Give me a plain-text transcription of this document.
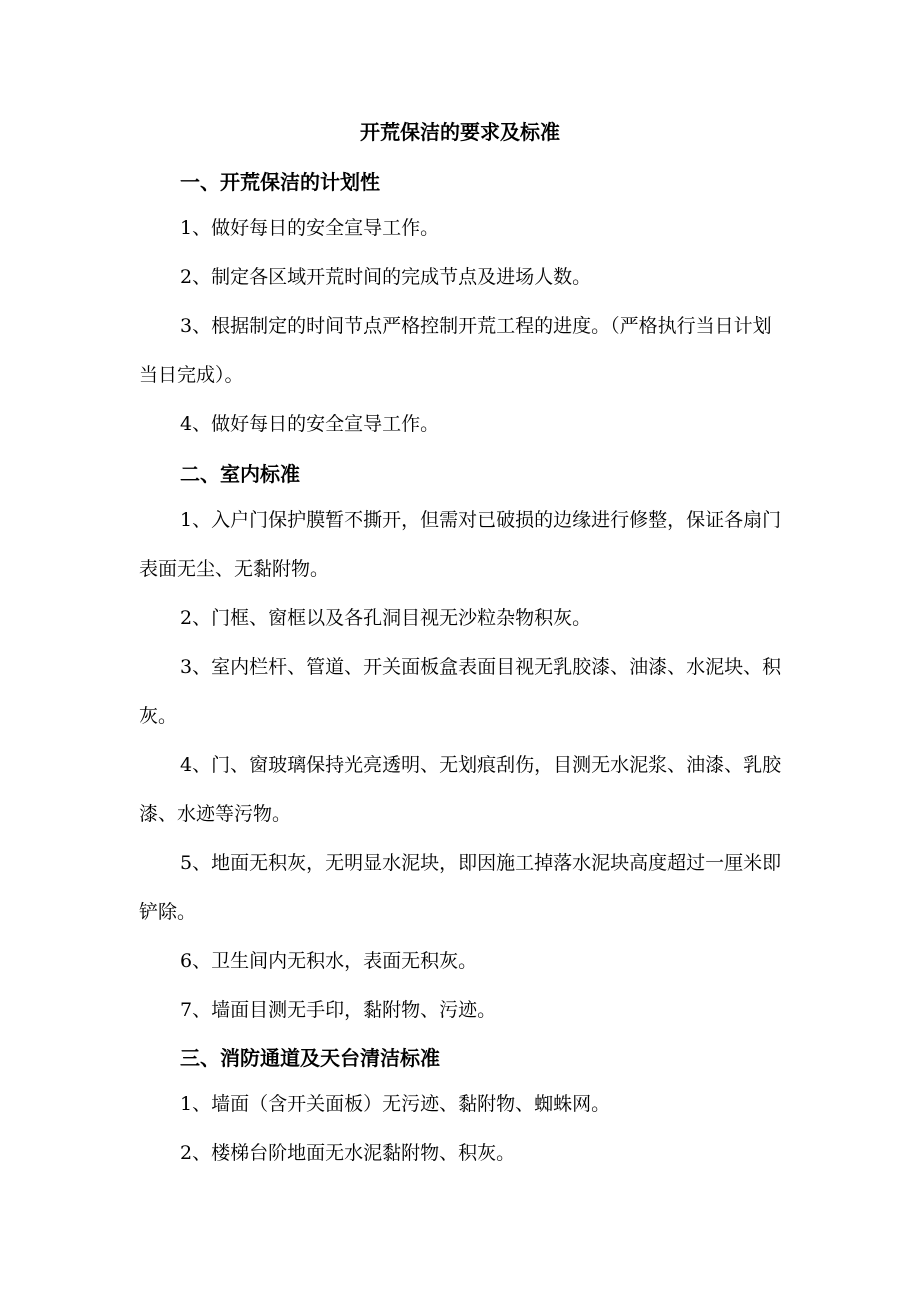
开荒保洁的要求及标准
一、开荒保洁的计划性

1、做好每日的安全宣导工作。

2、制定各区域开荒时间的完成节点及进场人数。

3、根据制定的时间节点严格控制开荒工程的进度。（严格执行当日计划当日完成）。

4、做好每日的安全宣导工作。

二、室内标准

1、入户门保护膜暂不撕开，但需对已破损的边缘进行修整，保证各扇门表面无尘、无黏附物。

2、门框、窗框以及各孔洞目视无沙粒杂物积灰。

3、室内栏杆、管道、开关面板盒表面目视无乳胶漆、油漆、水泥块、积灰。

4、门、窗玻璃保持光亮透明、无划痕刮伤，目测无水泥浆、油漆、乳胶漆、水迹等污物。

5、地面无积灰，无明显水泥块，即因施工掉落水泥块高度超过一厘米即铲除。

6、卫生间内无积水，表面无积灰。

7、墙面目测无手印，黏附物、污迹。

三、消防通道及天台清洁标准

1、墙面（含开关面板）无污迹、黏附物、蜘蛛网。

2、楼梯台阶地面无水泥黏附物、积灰。
